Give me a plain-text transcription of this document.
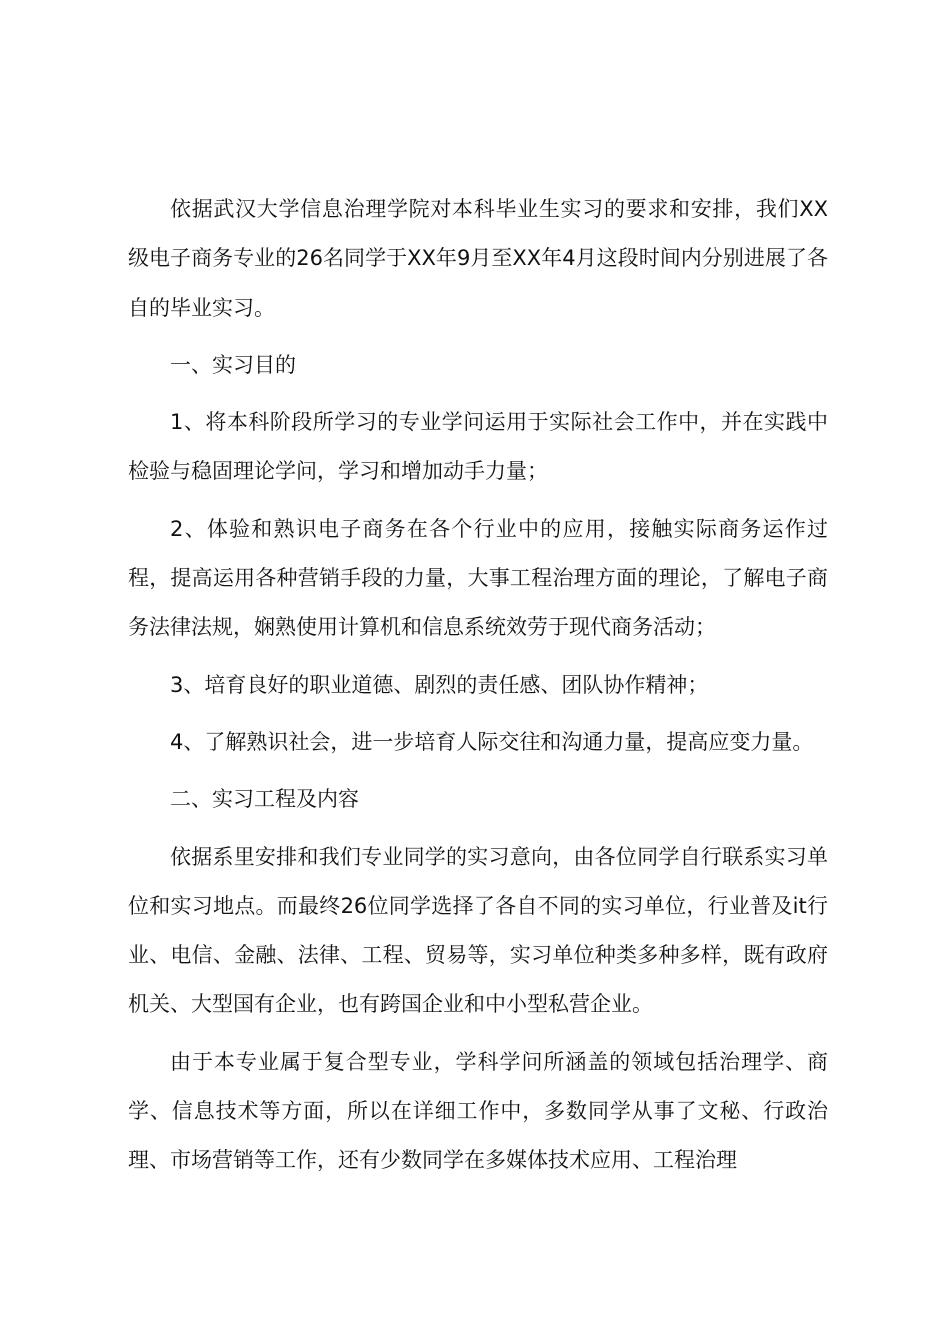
依据武汉大学信息治理学院对本科毕业生实习的要求和安排，我们XX级电子商务专业的26名同学于XX年9月至XX年4月这段时间内分别进展了各自的毕业实习。

一、实习目的

1、将本科阶段所学习的专业学问运用于实际社会工作中，并在实践中检验与稳固理论学问，学习和增加动手力量；

2、体验和熟识电子商务在各个行业中的应用，接触实际商务运作过程，提高运用各种营销手段的力量，大事工程治理方面的理论，了解电子商务法律法规，娴熟使用计算机和信息系统效劳于现代商务活动；

3、培育良好的职业道德、剧烈的责任感、团队协作精神；

4、了解熟识社会，进一步培育人际交往和沟通力量，提高应变力量。

二、实习工程及内容

依据系里安排和我们专业同学的实习意向，由各位同学自行联系实习单位和实习地点。而最终26位同学选择了各自不同的实习单位，行业普及it行业、电信、金融、法律、工程、贸易等，实习单位种类多种多样，既有政府机关、大型国有企业，也有跨国企业和中小型私营企业。

由于本专业属于复合型专业，学科学问所涵盖的领域包括治理学、商学、信息技术等方面，所以在详细工作中，多数同学从事了文秘、行政治理、市场营销等工作，还有少数同学在多媒体技术应用、工程治理
